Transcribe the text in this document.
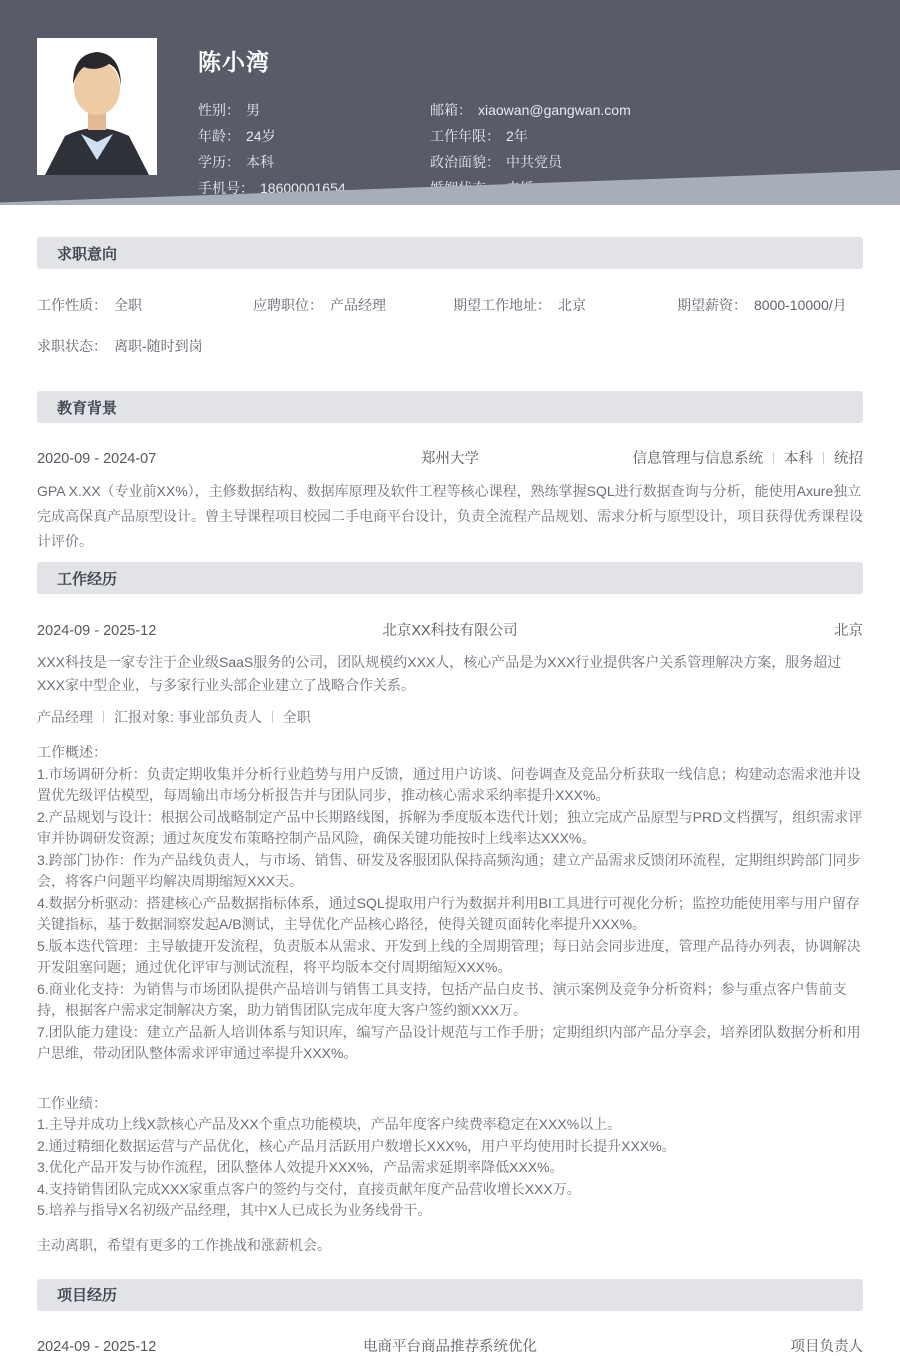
陈小湾
性别： 男
年龄： 24岁
学历： 本科
手机号： 18600001654
邮箱： xiaowan@gangwan.com
工作年限： 2年
政治面貌： 中共党员
求职意向
工作性质： 全职	应聘职位： 产品经理	期望工作地址： 北京	期望薪资： 8000-10000/月
求职状态： 离职-随时到岗
教育背景
2020-09 - 2024-07	郑州大学	信息管理与信息系统 本科 统招

GPA X.XX（专业前XX%），主修数据结构、数据库原理及软件工程等核心课程，熟练掌握SQL进行数据查询与分析，能使用Axure独立完成高保真产品原型设计。曾主导课程项目校园二手电商平台设计，负责全流程产品规划、需求分析与原型设计，项目获得优秀课程设计评价。

工作经历
2024-09 - 2025-12	北京XX科技有限公司	北京

XXX科技是一家专注于企业级SaaS服务的公司，团队规模约XXX人，核心产品是为XXX行业提供客户关系管理解决方案，服务超过XXX家中型企业，与多家行业头部企业建立了战略合作关系。

产品经理 汇报对象: 事业部负责人 全职

工作概述：

1.市场调研分析：负责定期收集并分析行业趋势与用户反馈，通过用户访谈、问卷调查及竞品分析获取一线信息；构建动态需求池并设置优先级评估模型，每周输出市场分析报告并与团队同步，推动核心需求采纳率提升XXX%。

2.产品规划与设计：根据公司战略制定产品中长期路线图，拆解为季度版本迭代计划；独立完成产品原型与PRD文档撰写，组织需求评审并协调研发资源；通过灰度发布策略控制产品风险，确保关键功能按时上线率达XXX%。

3.跨部门协作：作为产品线负责人，与市场、销售、研发及客服团队保持高频沟通；建立产品需求反馈闭环流程，定期组织跨部门同步会，将客户问题平均解决周期缩短XXX天。

4.数据分析驱动：搭建核心产品数据指标体系，通过SQL提取用户行为数据并利用BI工具进行可视化分析；监控功能使用率与用户留存关键指标，基于数据洞察发起A/B测试，主导优化产品核心路径，使得关键页面转化率提升XXX%。

5.版本迭代管理：主导敏捷开发流程，负责版本从需求、开发到上线的全周期管理；每日站会同步进度，管理产品待办列表，协调解决开发阻塞问题；通过优化评审与测试流程，将平均版本交付周期缩短XXX%。

6.商业化支持：为销售与市场团队提供产品培训与销售工具支持，包括产品白皮书、演示案例及竞争分析资料；参与重点客户售前支持，根据客户需求定制解决方案，助力销售团队完成年度大客户签约额XXX万。

7.团队能力建设：建立产品新人培训体系与知识库，编写产品设计规范与工作手册；定期组织内部产品分享会，培养团队数据分析和用户思维，带动团队整体需求评审通过率提升XXX%。

工作业绩：

1.主导并成功上线X款核心产品及XX个重点功能模块，产品年度客户续费率稳定在XXX%以上。

2.通过精细化数据运营与产品优化，核心产品月活跃用户数增长XXX%，用户平均使用时长提升XXX%。

3.优化产品开发与协作流程，团队整体人效提升XXX%，产品需求延期率降低XXX%。

4.支持销售团队完成XXX家重点客户的签约与交付，直接贡献年度产品营收增长XXX万。

5.培养与指导X名初级产品经理，其中X人已成长为业务线骨干。

主动离职，希望有更多的工作挑战和涨薪机会。

项目经历
2024-09 - 2025-12	电商平台商品推荐系统优化	项目负责人
